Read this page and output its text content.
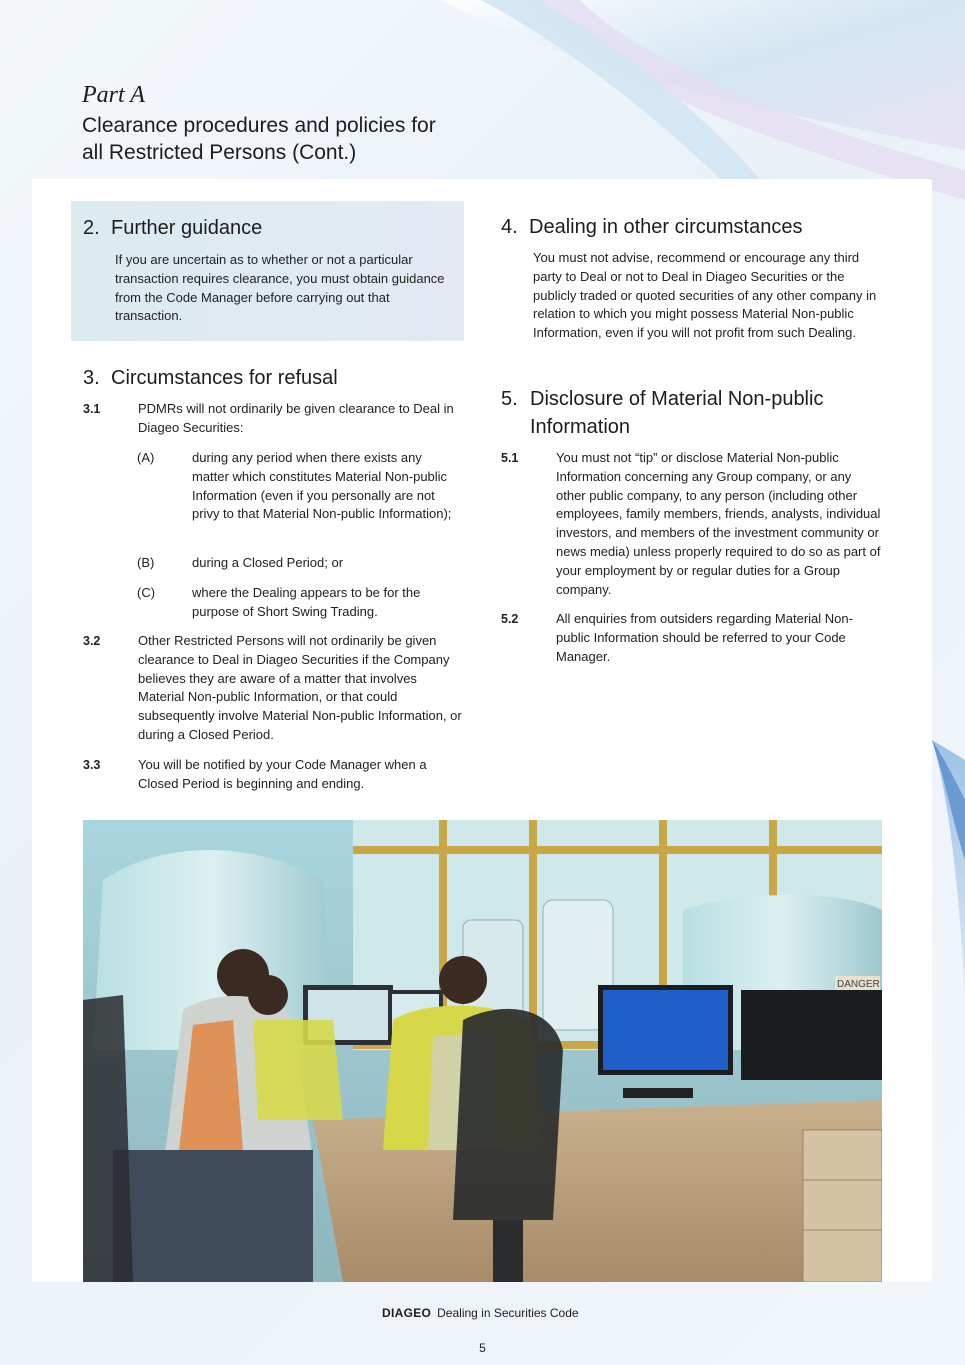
Part A
Clearance procedures and policies for all Restricted Persons (Cont.)
2. Further guidance
If you are uncertain as to whether or not a particular transaction requires clearance, you must obtain guidance from the Code Manager before carrying out that transaction.
3. Circumstances for refusal
3.1	PDMRs will not ordinarily be given clearance to Deal in Diageo Securities:
(A)	during any period when there exists any matter which constitutes Material Non-public Information (even if you personally are not privy to that Material Non-public Information);
(B)	during a Closed Period; or
(C)	where the Dealing appears to be for the purpose of Short Swing Trading.
3.2	Other Restricted Persons will not ordinarily be given clearance to Deal in Diageo Securities if the Company believes they are aware of a matter that involves Material Non-public Information, or that could subsequently involve Material Non-public Information, or during a Closed Period.
3.3	You will be notified by your Code Manager when a Closed Period is beginning and ending.
4. Dealing in other circumstances
You must not advise, recommend or encourage any third party to Deal or not to Deal in Diageo Securities or the publicly traded or quoted securities of any other company in relation to which you might possess Material Non-public Information, even if you will not profit from such Dealing.
5. Disclosure of Material Non-public Information
5.1	You must not “tip” or disclose Material Non-public Information concerning any Group company, or any other public company, to any person (including other employees, family members, friends, analysts, individual investors, and members of the investment community or news media) unless properly required to do so as part of your employment by or regular duties for a Group company.
5.2	All enquiries from outsiders regarding Material Non-public Information should be referred to your Code Manager.
DANGER
DIAGEO Dealing in Securities Code
5
